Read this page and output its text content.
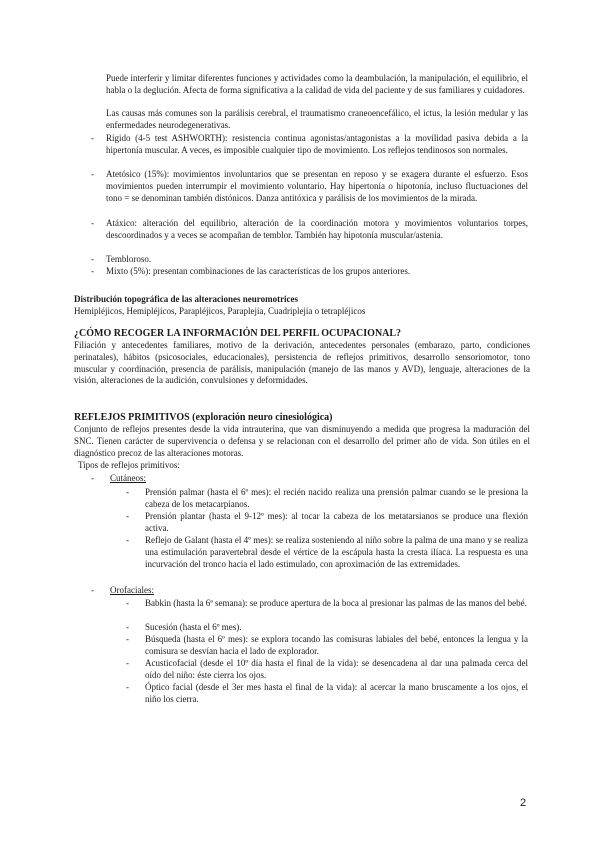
Puede interferir y limitar diferentes funciones y actividades como la deambulación, la manipulación, el equilibrio, el habla o la deglución. Afecta de forma significativa a la calidad de vida del paciente y de sus familiares y cuidadores.
Las causas más comunes son la parálisis cerebral, el traumatismo craneoencefálico, el ictus, la lesión medular y las enfermedades neurodegenerativas.
- Rígido (4-5 test ASHWORTH): resistencia continua agonistas/antagonistas a la movilidad pasiva debida a la hipertonía muscular. A veces, es imposible cualquier tipo de movimiento. Los reflejos tendinosos son normales.
- Atetósico (15%): movimientos involuntarios que se presentan en reposo y se exagera durante el esfuerzo. Esos movimientos pueden interrumpir el movimiento voluntario. Hay hipertonía o hipotonía, incluso fluctuaciones del tono = se denominan también distónicos. Danza antitóxica y parálisis de los movimientos de la mirada.
- Atáxico: alteración del equilibrio, alteración de la coordinación motora y movimientos voluntarios torpes, descoordinados y a veces se acompañan de temblor. También hay hipotonía muscular/astenia.
- Tembloroso.
- Mixto (5%): presentan combinaciones de las características de los grupos anteriores.
Distribución topográfica de las alteraciones neuromotrices
Hemipléjicos, Hemipléjicos, Parapléjicos, Paraplejia, Cuadriplejia o tetrapléjicos
¿CÓMO RECOGER LA INFORMACIÓN DEL PERFIL OCUPACIONAL?
Filiación y antecedentes familiares, motivo de la derivación, antecedentes personales (embarazo, parto, condiciones perinatales), hábitos (psicosociales, educacionales), persistencia de reflejos primitivos, desarrollo sensoriomotor, tono muscular y coordinación, presencia de parálisis, manipulación (manejo de las manos y AVD), lenguaje, alteraciones de la visión, alteraciones de la audición, convulsiones y deformidades.
REFLEJOS PRIMITIVOS (exploración neuro cinesiológica)
Conjunto de reflejos presentes desde la vida intrauterina, que van disminuyendo a medida que progresa la maduración del SNC. Tienen carácter de supervivencia o defensa y se relacionan con el desarrollo del primer año de vida. Son útiles en el diagnóstico precoz de las alteraciones motoras.
Tipos de reflejos primitivos:
- Cutáneos:
- Prensión palmar (hasta el 6º mes): el recién nacido realiza una prensión palmar cuando se le presiona la cabeza de los metacarpianos.
- Prensión plantar (hasta el 9-12º mes): al tocar la cabeza de los metatarsianos se produce una flexión activa.
- Reflejo de Galant (hasta el 4º mes): se realiza sosteniendo al niño sobre la palma de una mano y se realiza una estimulación paravertebral desde el vértice de la escápula hasta la cresta ilíaca. La respuesta es una incurvación del tronco hacia el lado estimulado, con aproximación de las extremidades.
- Orofaciales:
- Babkin (hasta la 6ª semana): se produce apertura de la boca al presionar las palmas de las manos del bebé.
- Sucesión (hasta el 6º mes).
- Búsqueda (hasta el 6º mes): se explora tocando las comisuras labiales del bebé, entonces la lengua y la comisura se desvían hacia el lado de explorador.
- Acusticofacial (desde el 10º día hasta el final de la vida): se desencadena al dar una palmada cerca del oído del niño: éste cierra los ojos.
- Óptico facial (desde el 3er mes hasta el final de la vida): al acercar la mano bruscamente a los ojos, el niño los cierra.
2
